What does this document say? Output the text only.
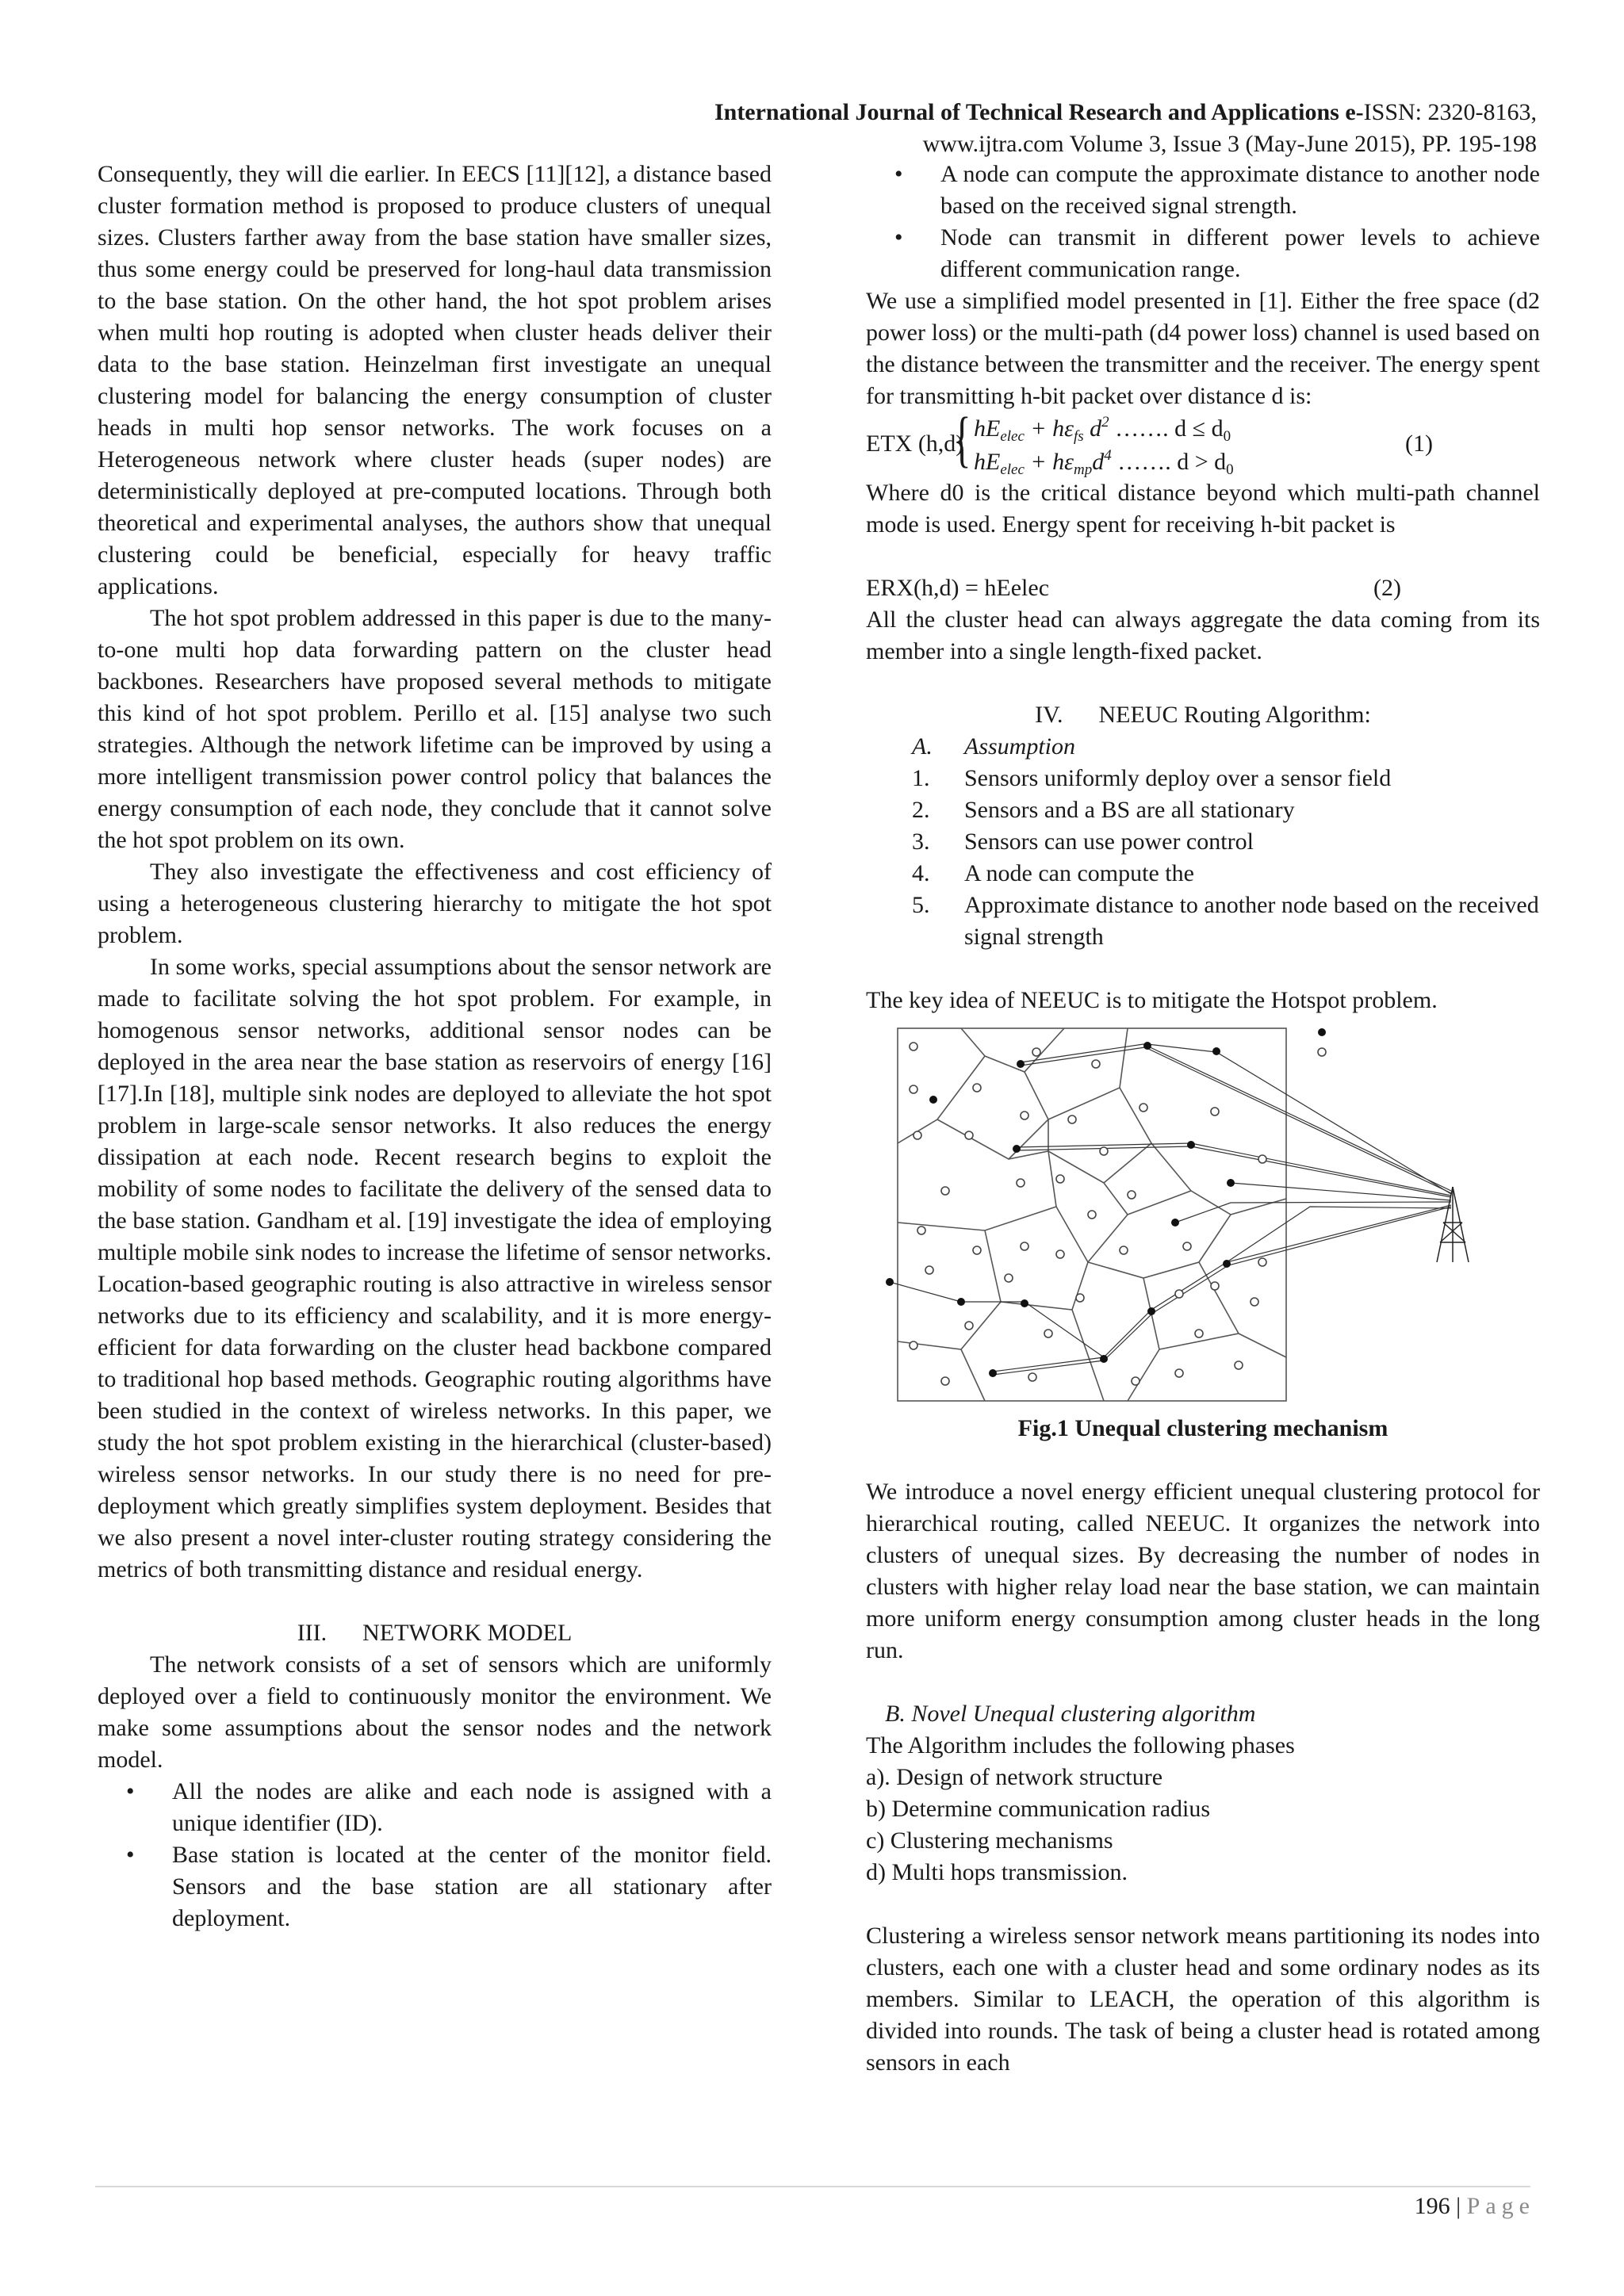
International Journal of Technical Research and Applications e-ISSN: 2320-8163,
www.ijtra.com Volume 3, Issue 3 (May-June 2015), PP. 195-198

Consequently, they will die earlier. In EECS [11][12], a distance based cluster formation method is proposed to produce clusters of unequal sizes. Clusters farther away from the base station have smaller sizes, thus some energy could be preserved for long-haul data transmission to the base station. On the other hand, the hot spot problem arises when multi hop routing is adopted when cluster heads deliver their data to the base station. Heinzelman first investigate an unequal clustering model for balancing the energy consumption of cluster heads in multi hop sensor networks. The work focuses on a Heterogeneous network where cluster heads (super nodes) are deterministically deployed at pre-computed locations. Through both theoretical and experimental analyses, the authors show that unequal clustering could be beneficial, especially for heavy traffic applications.

The hot spot problem addressed in this paper is due to the many-to-one multi hop data forwarding pattern on the cluster head backbones. Researchers have proposed several methods to mitigate this kind of hot spot problem. Perillo et al. [15] analyse two such strategies. Although the network lifetime can be improved by using a more intelligent transmission power control policy that balances the energy consumption of each node, they conclude that it cannot solve the hot spot problem on its own.

They also investigate the effectiveness and cost efficiency of using a heterogeneous clustering hierarchy to mitigate the hot spot problem.

In some works, special assumptions about the sensor network are made to facilitate solving the hot spot problem. For example, in homogenous sensor networks, additional sensor nodes can be deployed in the area near the base station as reservoirs of energy [16][17].In [18], multiple sink nodes are deployed to alleviate the hot spot problem in large-scale sensor networks. It also reduces the energy dissipation at each node. Recent research begins to exploit the mobility of some nodes to facilitate the delivery of the sensed data to the base station. Gandham et al. [19] investigate the idea of employing multiple mobile sink nodes to increase the lifetime of sensor networks. Location-based geographic routing is also attractive in wireless sensor networks due to its efficiency and scalability, and it is more energy-efficient for data forwarding on the cluster head backbone compared to traditional hop based methods. Geographic routing algorithms have been studied in the context of wireless networks. In this paper, we study the hot spot problem existing in the hierarchical (cluster-based) wireless sensor networks. In our study there is no need for pre-deployment which greatly simplifies system deployment. Besides that we also present a novel inter-cluster routing strategy considering the metrics of both transmitting distance and residual energy.

III.      NETWORK MODEL

The network consists of a set of sensors which are uniformly deployed over a field to continuously monitor the environment. We make some assumptions about the sensor nodes and the network model.

• All the nodes are alike and each node is assigned with a unique identifier (ID).
• Base station is located at the center of the monitor field. Sensors and the base station are all stationary after deployment.
• A node can compute the approximate distance to another node based on the received signal strength.
• Node can transmit in different power levels to achieve different communication range.

We use a simplified model presented in [1]. Either the free space (d2 power loss) or the multi-path (d4 power loss) channel is used based on the distance between the transmitter and the receiver. The energy spent for transmitting h-bit packet over distance d is:

ETX (h,d)
{ $hE_{elec} + h\varepsilon_{fs}$ $d^2$ ……. $d \le d_0$
$hE_{elec} + h\varepsilon_{mp}d^4$ ……. $d > d_0$
(1)

Where d0 is the critical distance beyond which multi-path channel mode is used. Energy spent for receiving h-bit packet is

ERX(h,d) = hEelec	(2)

All the cluster head can always aggregate the data coming from its member into a single length-fixed packet.

IV.      NEEUC Routing Algorithm:

A. Assumption
1. Sensors uniformly deploy over a sensor field
2. Sensors and a BS are all stationary
3. Sensors can use power control
4. A node can compute the
5. Approximate distance to another node based on the received signal strength

The key idea of NEEUC is to mitigate the Hotspot problem.

Fig.1 Unequal clustering mechanism

We introduce a novel energy efficient unequal clustering protocol for hierarchical routing, called NEEUC. It organizes the network into clusters of unequal sizes. By decreasing the number of nodes in clusters with higher relay load near the base station, we can maintain more uniform energy consumption among cluster heads in the long run.

B. Novel Unequal clustering algorithm

The Algorithm includes the following phases

a). Design of network structure

b) Determine communication radius

c) Clustering mechanisms

d) Multi hops transmission.

Clustering a wireless sensor network means partitioning its nodes into clusters, each one with a cluster head and some ordinary nodes as its members. Similar to LEACH, the operation of this algorithm is divided into rounds. The task of being a cluster head is rotated among sensors in each

196 | Page
